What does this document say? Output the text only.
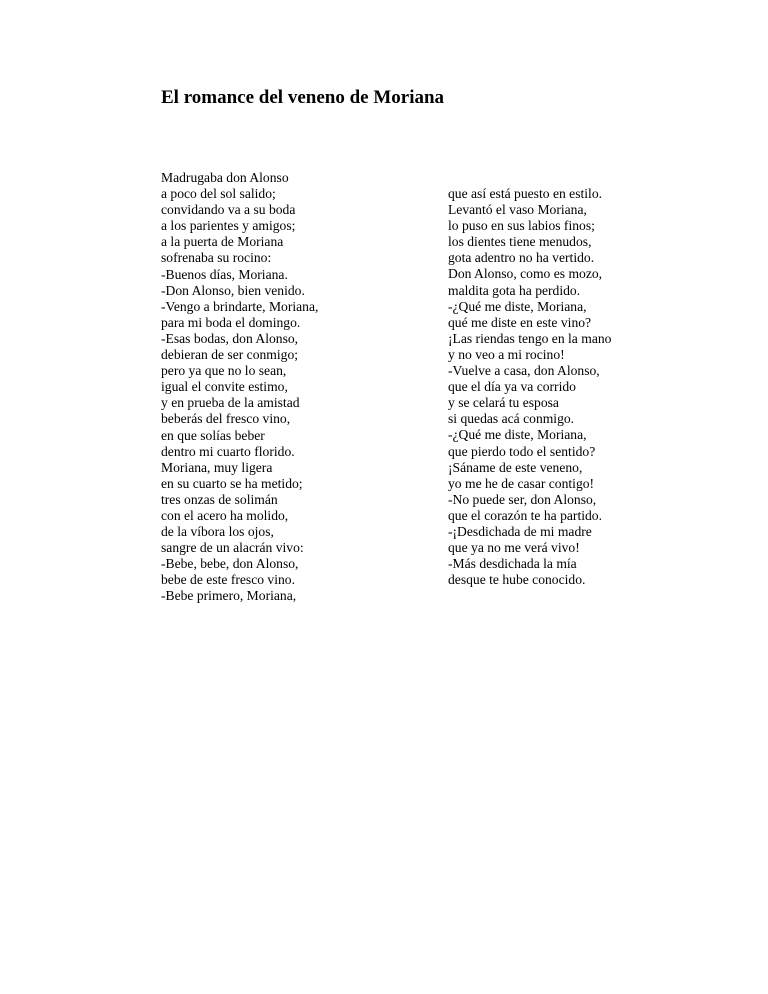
El romance del veneno de Moriana
Madrugaba don Alonso
a poco del sol salido;
convidando va a su boda
a los parientes y amigos;
a la puerta de Moriana
sofrenaba su rocino:
-Buenos días, Moriana.
-Don Alonso, bien venido.
-Vengo a brindarte, Moriana,
para mi boda el domingo.
-Esas bodas, don Alonso,
debieran de ser conmigo;
pero ya que no lo sean,
igual el convite estimo,
y en prueba de la amistad
beberás del fresco vino,
en que solías beber
dentro mi cuarto florido.
Moriana, muy ligera
en su cuarto se ha metido;
tres onzas de solimán
con el acero ha molido,
de la víbora los ojos,
sangre de un alacrán vivo:
-Bebe, bebe, don Alonso,
bebe de este fresco vino.
-Bebe primero, Moriana,
que así está puesto en estilo.
Levantó el vaso Moriana,
lo puso en sus labios finos;
los dientes tiene menudos,
gota adentro no ha vertido.
Don Alonso, como es mozo,
maldita gota ha perdido.
-¿Qué me diste, Moriana,
qué me diste en este vino?
¡Las riendas tengo en la mano
y no veo a mi rocino!
-Vuelve a casa, don Alonso,
que el día ya va corrido
y se celará tu esposa
si quedas acá conmigo.
-¿Qué me diste, Moriana,
que pierdo todo el sentido?
¡Sáname de este veneno,
yo me he de casar contigo!
-No puede ser, don Alonso,
que el corazón te ha partido.
-¡Desdichada de mi madre
que ya no me verá vivo!
-Más desdichada la mía
desque te hube conocido.
